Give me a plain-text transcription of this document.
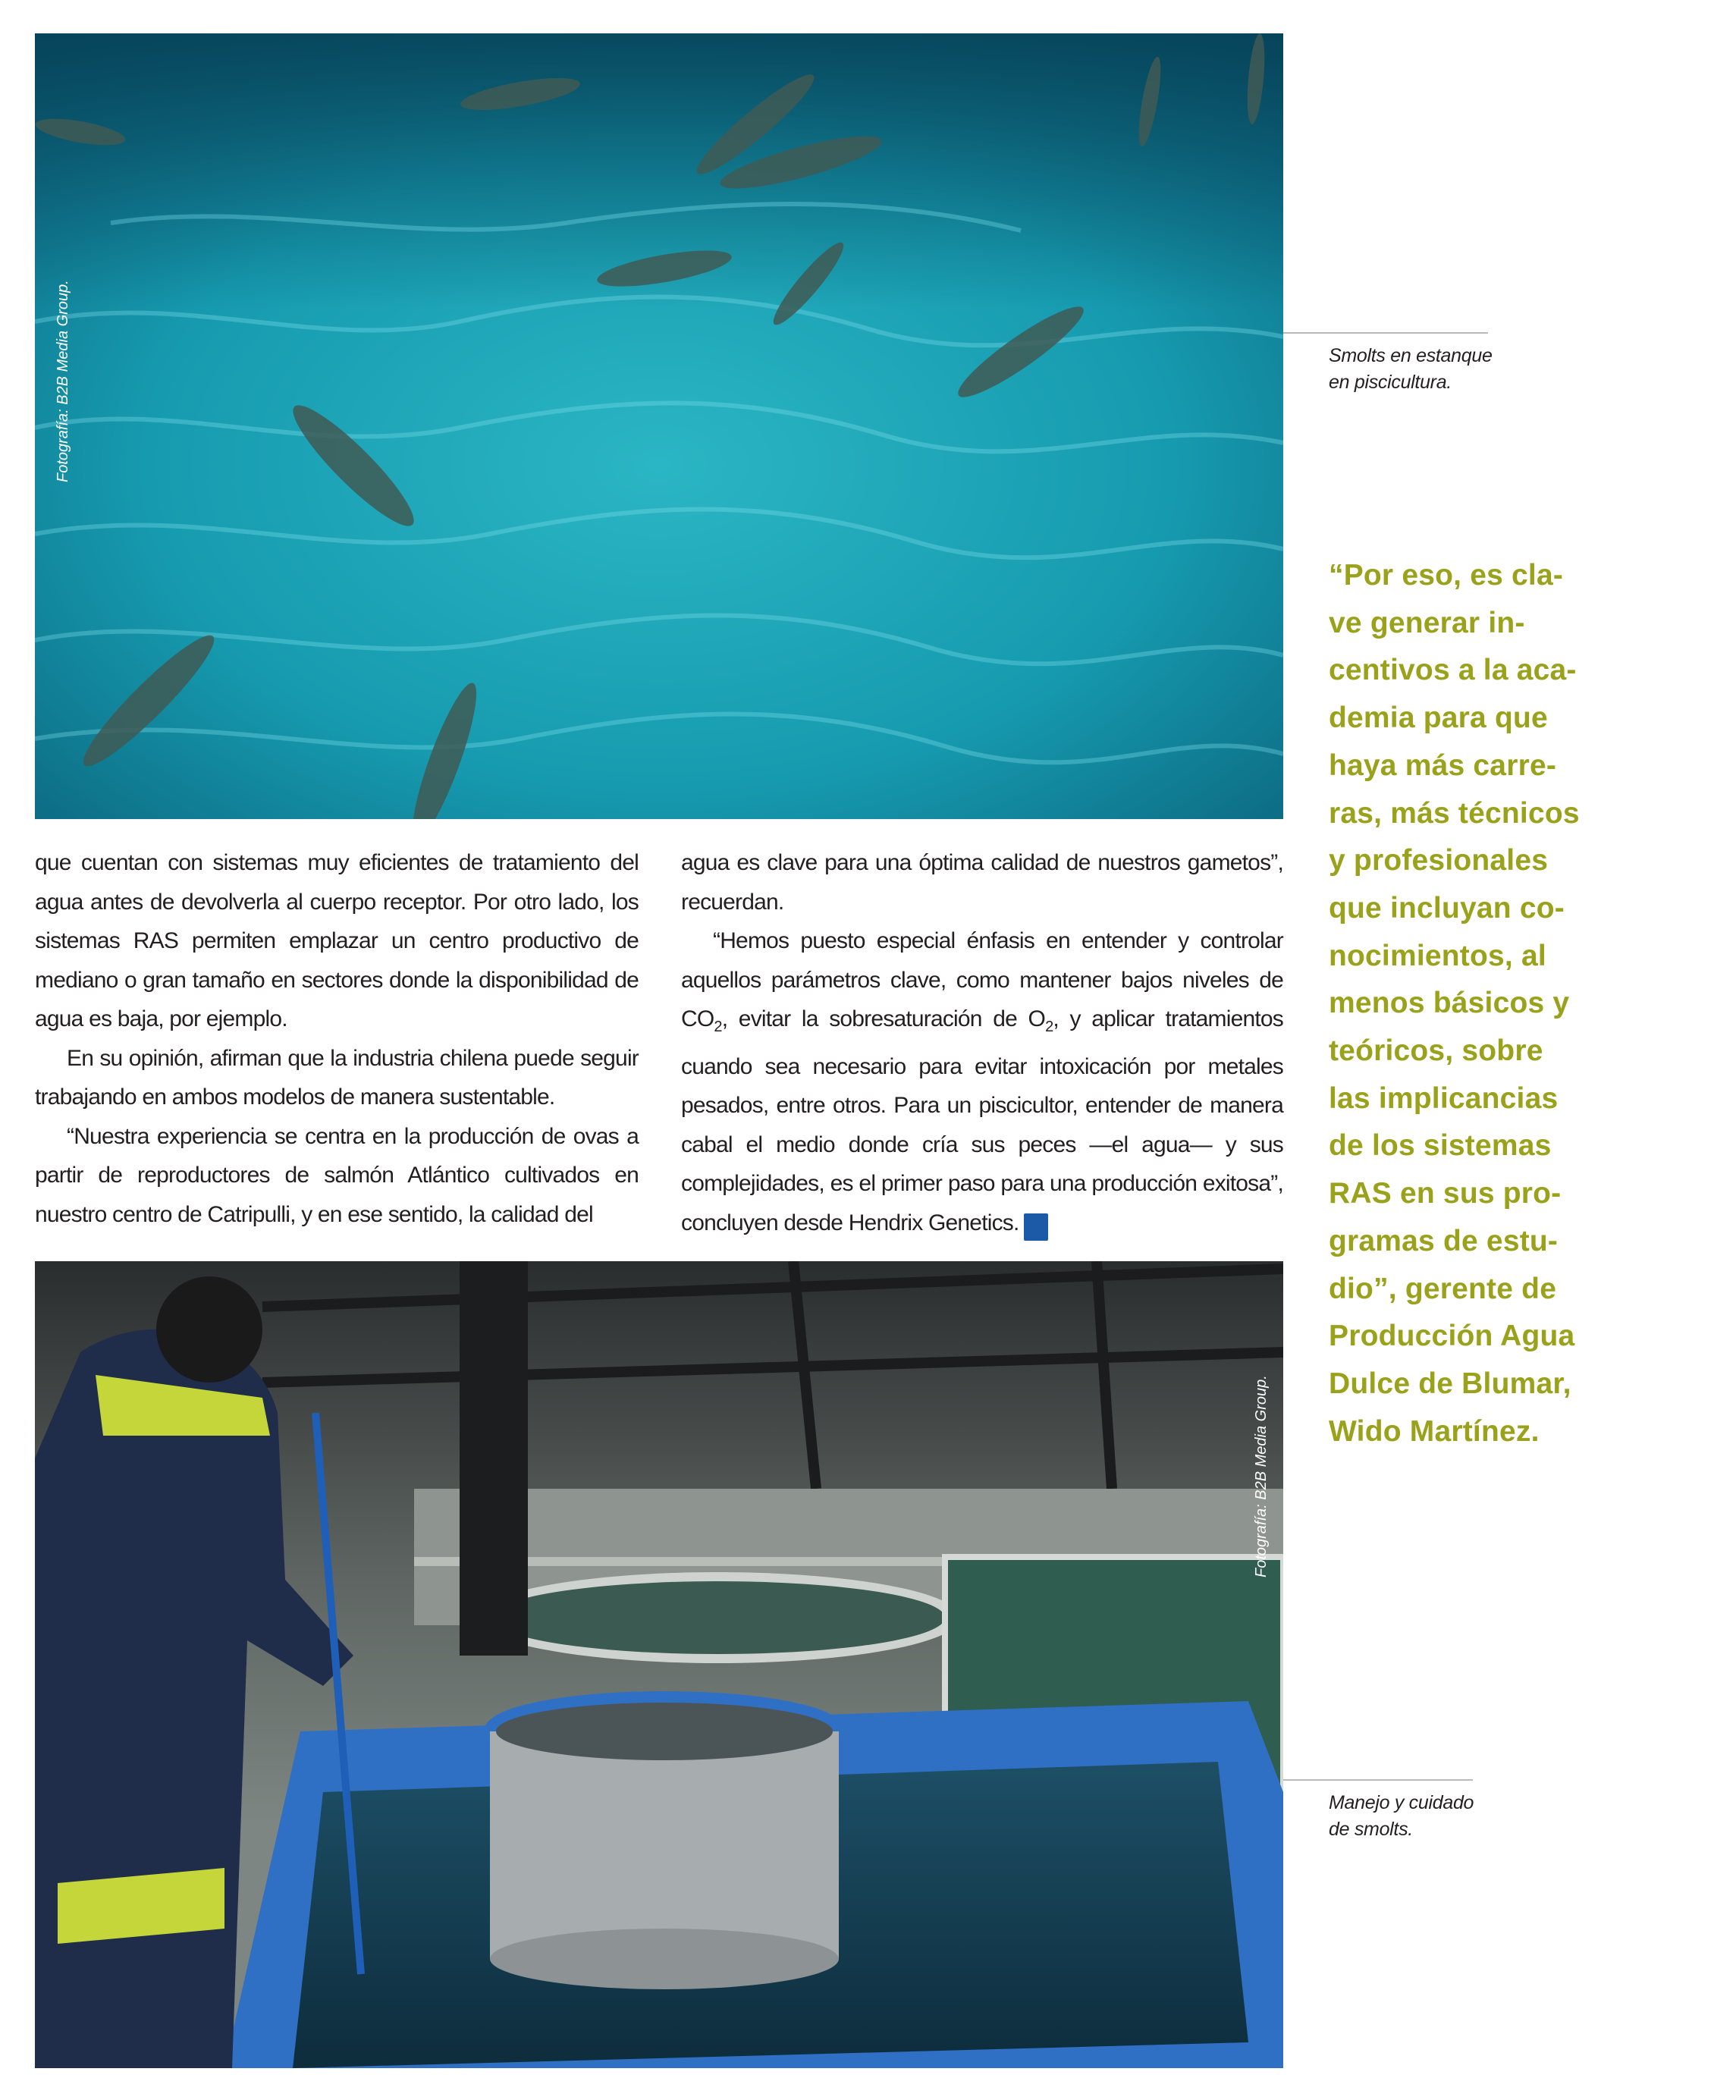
Fotografía: B2B Media Group.	Smolts en estanque
en piscicultura.

que cuentan con sistemas muy eficientes de tratamiento del agua antes de devolverla al cuerpo receptor. Por otro lado, los sistemas RAS permiten emplazar un centro productivo de mediano o gran tamaño en sectores donde la disponibilidad de agua es baja, por ejemplo.

En su opinión, afirman que la industria chilena puede seguir trabajando en ambos modelos de manera sustentable.

“Nuestra experiencia se centra en la producción de ovas a partir de reproductores de salmón Atlántico cultivados en nuestro centro de Catripulli, y en ese sentido, la calidad del

agua es clave para una óptima calidad de nuestros gametos”, recuerdan.

“Hemos puesto especial énfasis en entender y controlar aquellos parámetros clave, como mantener bajos niveles de $CO_2$, evitar la sobresaturación de $O_2$, y aplicar tratamientos cuando sea necesario para evitar intoxicación por metales pesados, entre otros. Para un piscicultor, entender de manera cabal el medio donde cría sus peces —el agua— y sus complejidades, es el primer paso para una producción exitosa”, concluyen desde Hendrix Genetics. Q

“Por eso, es cla-
ve generar in-
centivos a la aca-
demia para que
haya más carre-
ras, más técnicos
y profesionales
que incluyan co-
nocimientos, al
menos básicos y
teóricos, sobre
las implicancias
de los sistemas
RAS en sus pro-
gramas de estu-
dio”, gerente de
Producción Agua
Dulce de Blumar,
Wido Martínez.
Fotografía: B2B Media Group.
Manejo y cuidado
de smolts.
